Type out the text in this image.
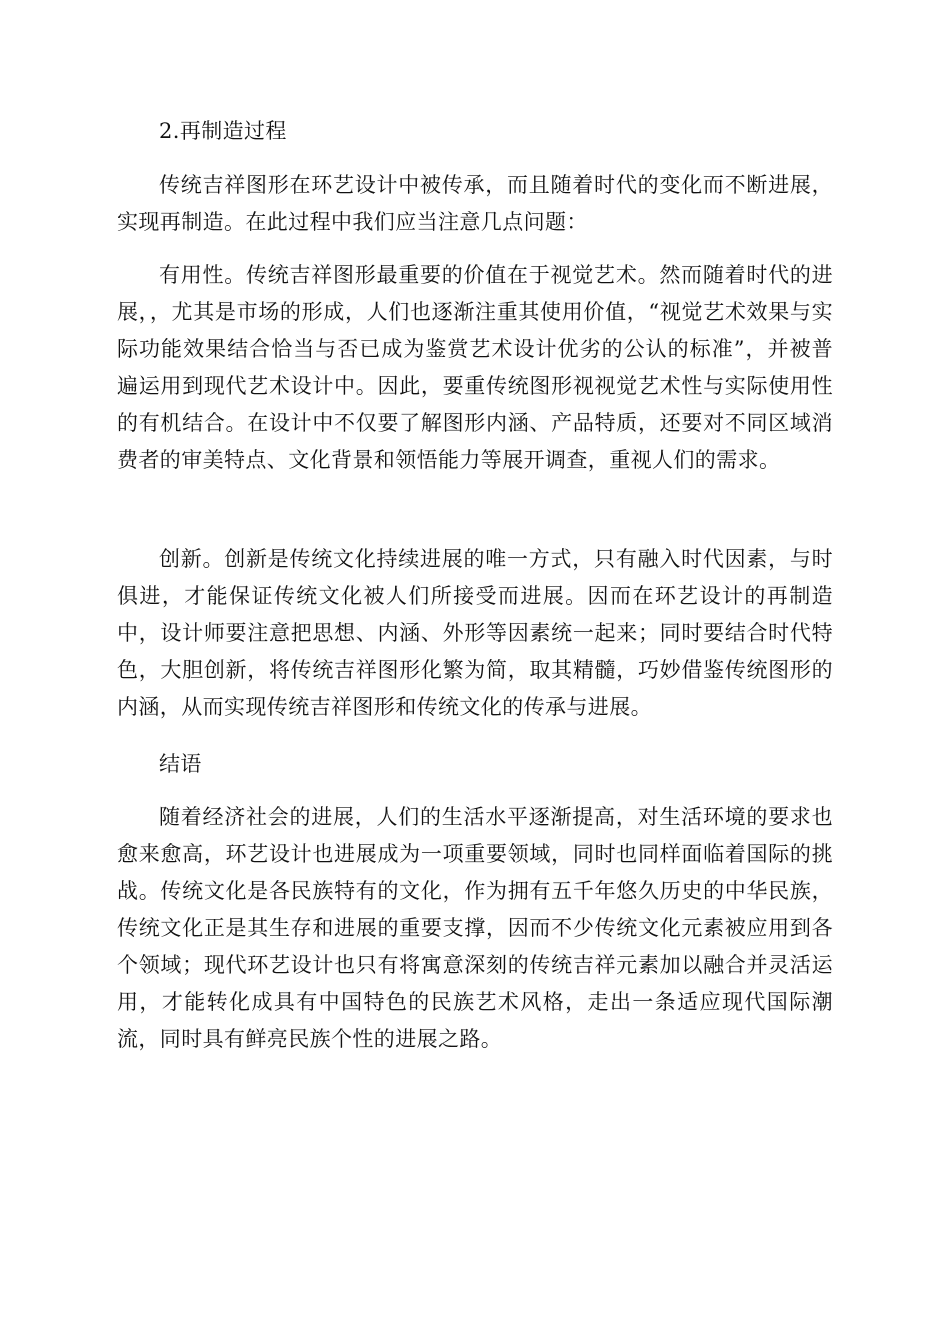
2.再制造过程

传统吉祥图形在环艺设计中被传承，而且随着时代的变化而不断进展，实现再制造。在此过程中我们应当注意几点问题：

有用性。传统吉祥图形最重要的价值在于视觉艺术。然而随着时代的进展，，尤其是市场的形成，人们也逐渐注重其使用价值，“视觉艺术效果与实际功能效果结合恰当与否已成为鉴赏艺术设计优劣的公认的标准”，并被普遍运用到现代艺术设计中。因此，要重传统图形视视觉艺术性与实际使用性的有机结合。在设计中不仅要了解图形内涵、产品特质，还要对不同区域消费者的审美特点、文化背景和领悟能力等展开调查，重视人们的需求。

创新。创新是传统文化持续进展的唯一方式，只有融入时代因素，与时俱进，才能保证传统文化被人们所接受而进展。因而在环艺设计的再制造中，设计师要注意把思想、内涵、外形等因素统一起来；同时要结合时代特色，大胆创新，将传统吉祥图形化繁为简，取其精髓，巧妙借鉴传统图形的内涵，从而实现传统吉祥图形和传统文化的传承与进展。

结语

随着经济社会的进展，人们的生活水平逐渐提高，对生活环境的要求也愈来愈高，环艺设计也进展成为一项重要领域，同时也同样面临着国际的挑战。传统文化是各民族特有的文化，作为拥有五千年悠久历史的中华民族，传统文化正是其生存和进展的重要支撑，因而不少传统文化元素被应用到各个领域；现代环艺设计也只有将寓意深刻的传统吉祥元素加以融合并灵活运用，才能转化成具有中国特色的民族艺术风格，走出一条适应现代国际潮流，同时具有鲜亮民族个性的进展之路。
